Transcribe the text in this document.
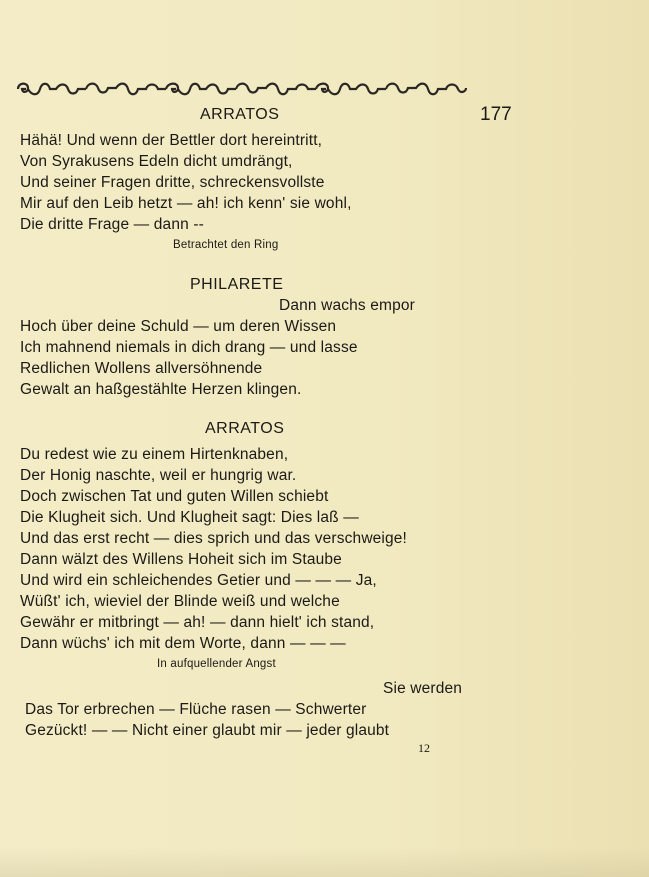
ARRATOS	177
Hähä! Und wenn der Bettler dort hereintritt,
Von Syrakusens Edeln dicht umdrängt,
Und seiner Fragen dritte, schreckensvollste
Mir auf den Leib hetzt — ah! ich kenn' sie wohl,
Die dritte Frage — dann --
Betrachtet den Ring
PHILARETE
Dann wachs empor
Hoch über deine Schuld — um deren Wissen
Ich mahnend niemals in dich drang — und lasse
Redlichen Wollens allversöhnende
Gewalt an haßgestählte Herzen klingen.
ARRATOS
Du redest wie zu einem Hirtenknaben,
Der Honig naschte, weil er hungrig war.
Doch zwischen Tat und guten Willen schiebt
Die Klugheit sich. Und Klugheit sagt: Dies laß —
Und das erst recht — dies sprich und das verschweige!
Dann wälzt des Willens Hoheit sich im Staube
Und wird ein schleichendes Getier und — — — Ja,
Wüßt' ich, wieviel der Blinde weiß und welche
Gewähr er mitbringt — ah! — dann hielt' ich stand,
Dann wüchs' ich mit dem Worte, dann — — —
In aufquellender Angst
Sie werden
Das Tor erbrechen — Flüche rasen — Schwerter
Gezückt! — — Nicht einer glaubt mir — jeder glaubt
12
